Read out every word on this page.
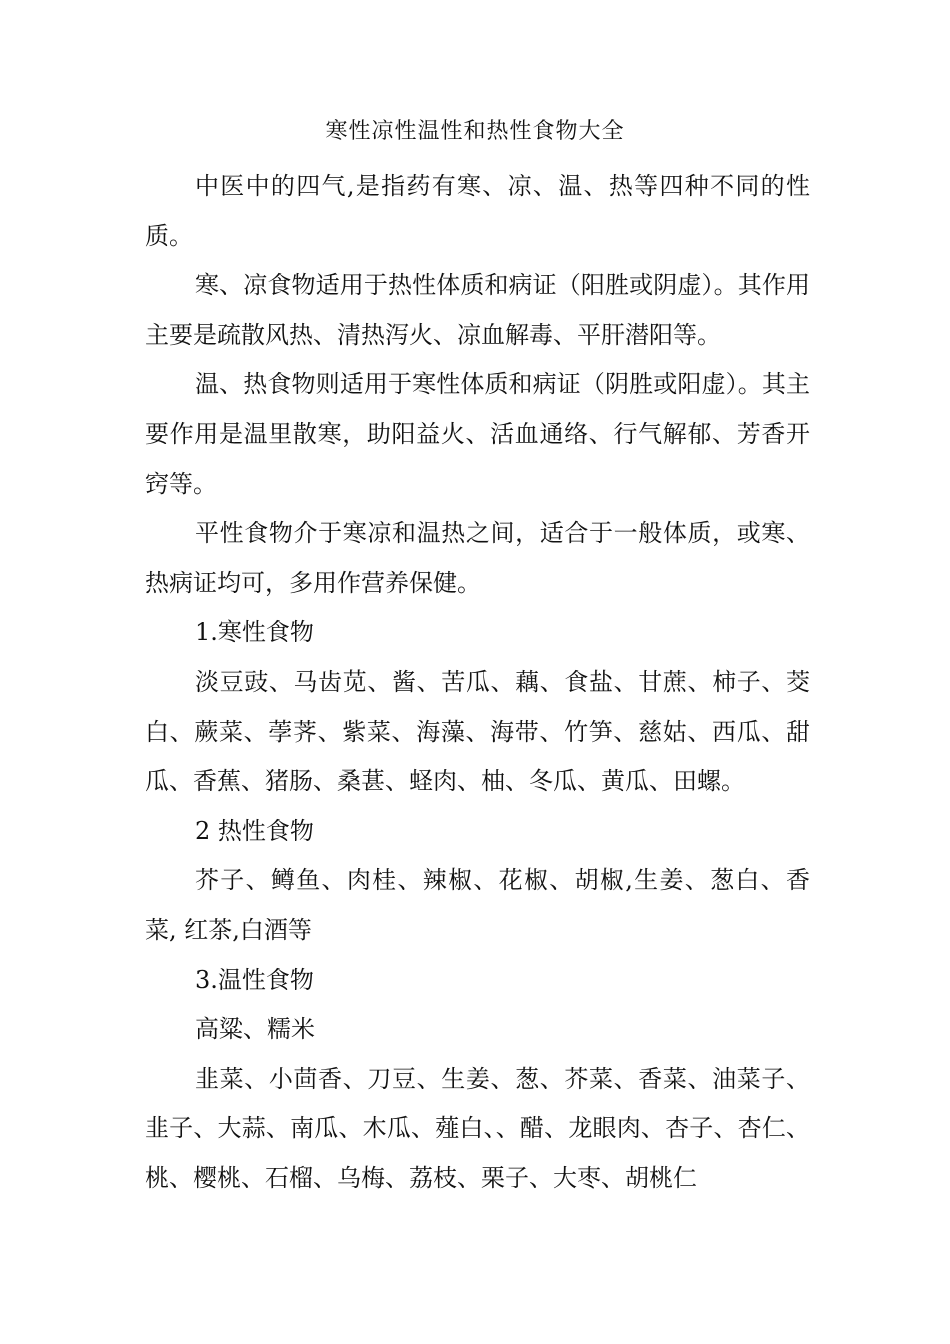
寒性凉性温性和热性食物大全

中医中的四气,是指药有寒、凉、温、热等四种不同的性质。

寒、凉食物适用于热性体质和病证（阳胜或阴虚）。其作用主要是疏散风热、清热泻火、凉血解毒、平肝潜阳等。

温、热食物则适用于寒性体质和病证（阴胜或阳虚）。其主要作用是温里散寒，助阳益火、活血通络、行气解郁、芳香开窍等。

平性食物介于寒凉和温热之间，适合于一般体质，或寒、热病证均可，多用作营养保健。

1.寒性食物

淡豆豉、马齿苋、酱、苦瓜、藕、食盐、甘蔗、柿子、茭白、蕨菜、荸荠、紫菜、海藻、海带、竹笋、慈姑、西瓜、甜瓜、香蕉、猪肠、桑葚、蛏肉、柚、冬瓜、黄瓜、田螺。

2 热性食物

芥子、鳟鱼、肉桂、辣椒、花椒、胡椒,生姜、葱白、香菜, 红茶,白酒等

3.温性食物

高粱、糯米

韭菜、小茴香、刀豆、生姜、葱、芥菜、香菜、油菜子、韭子、大蒜、南瓜、木瓜、薤白、、醋、龙眼肉、杏子、杏仁、桃、樱桃、石榴、乌梅、荔枝、栗子、大枣、胡桃仁
